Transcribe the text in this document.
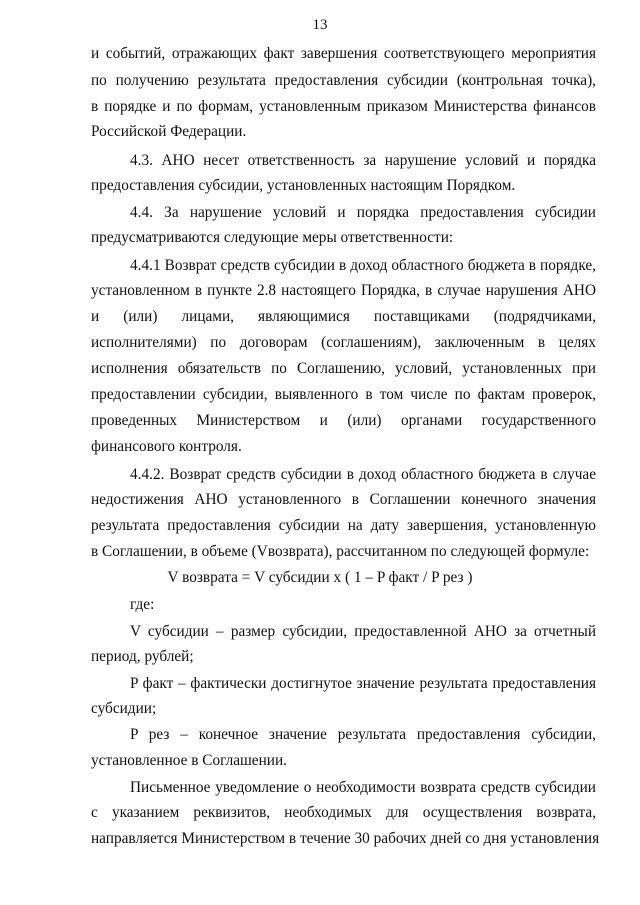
13
и событий, отражающих факт завершения соответствующего мероприятия
по получению результата предоставления субсидии (контрольная точка),
в порядке и по формам, установленным приказом Министерства финансов
Российской Федерации.
4.3. АНО несет ответственность за нарушение условий и порядка
предоставления субсидии, установленных настоящим Порядком.
4.4. За нарушение условий и порядка предоставления субсидии
предусматриваются следующие меры ответственности:
4.4.1 Возврат средств субсидии в доход областного бюджета в порядке,
установленном в пункте 2.8 настоящего Порядка, в случае нарушения АНО
и (или) лицами, являющимися поставщиками (подрядчиками,
исполнителями) по договорам (соглашениям), заключенным в целях
исполнения обязательств по Соглашению, условий, установленных при
предоставлении субсидии, выявленного в том числе по фактам проверок,
проведенных Министерством и (или) органами государственного
финансового контроля.
4.4.2. Возврат средств субсидии в доход областного бюджета в случае
недостижения АНО установленного в Соглашении конечного значения
результата предоставления субсидии на дату завершения, установленную
в Соглашении, в объеме (Vвозврата), рассчитанном по следующей формуле:
V возврата = V субсидии x ( 1 – P факт / P рез )
где:
V субсидии – размер субсидии, предоставленной АНО за отчетный
период, рублей;
P факт – фактически достигнутое значение результата предоставления
субсидии;
P рез – конечное значение результата предоставления субсидии,
установленное в Соглашении.
Письменное уведомление о необходимости возврата средств субсидии
с указанием реквизитов, необходимых для осуществления возврата,
направляется Министерством в течение 30 рабочих дней со дня установления
